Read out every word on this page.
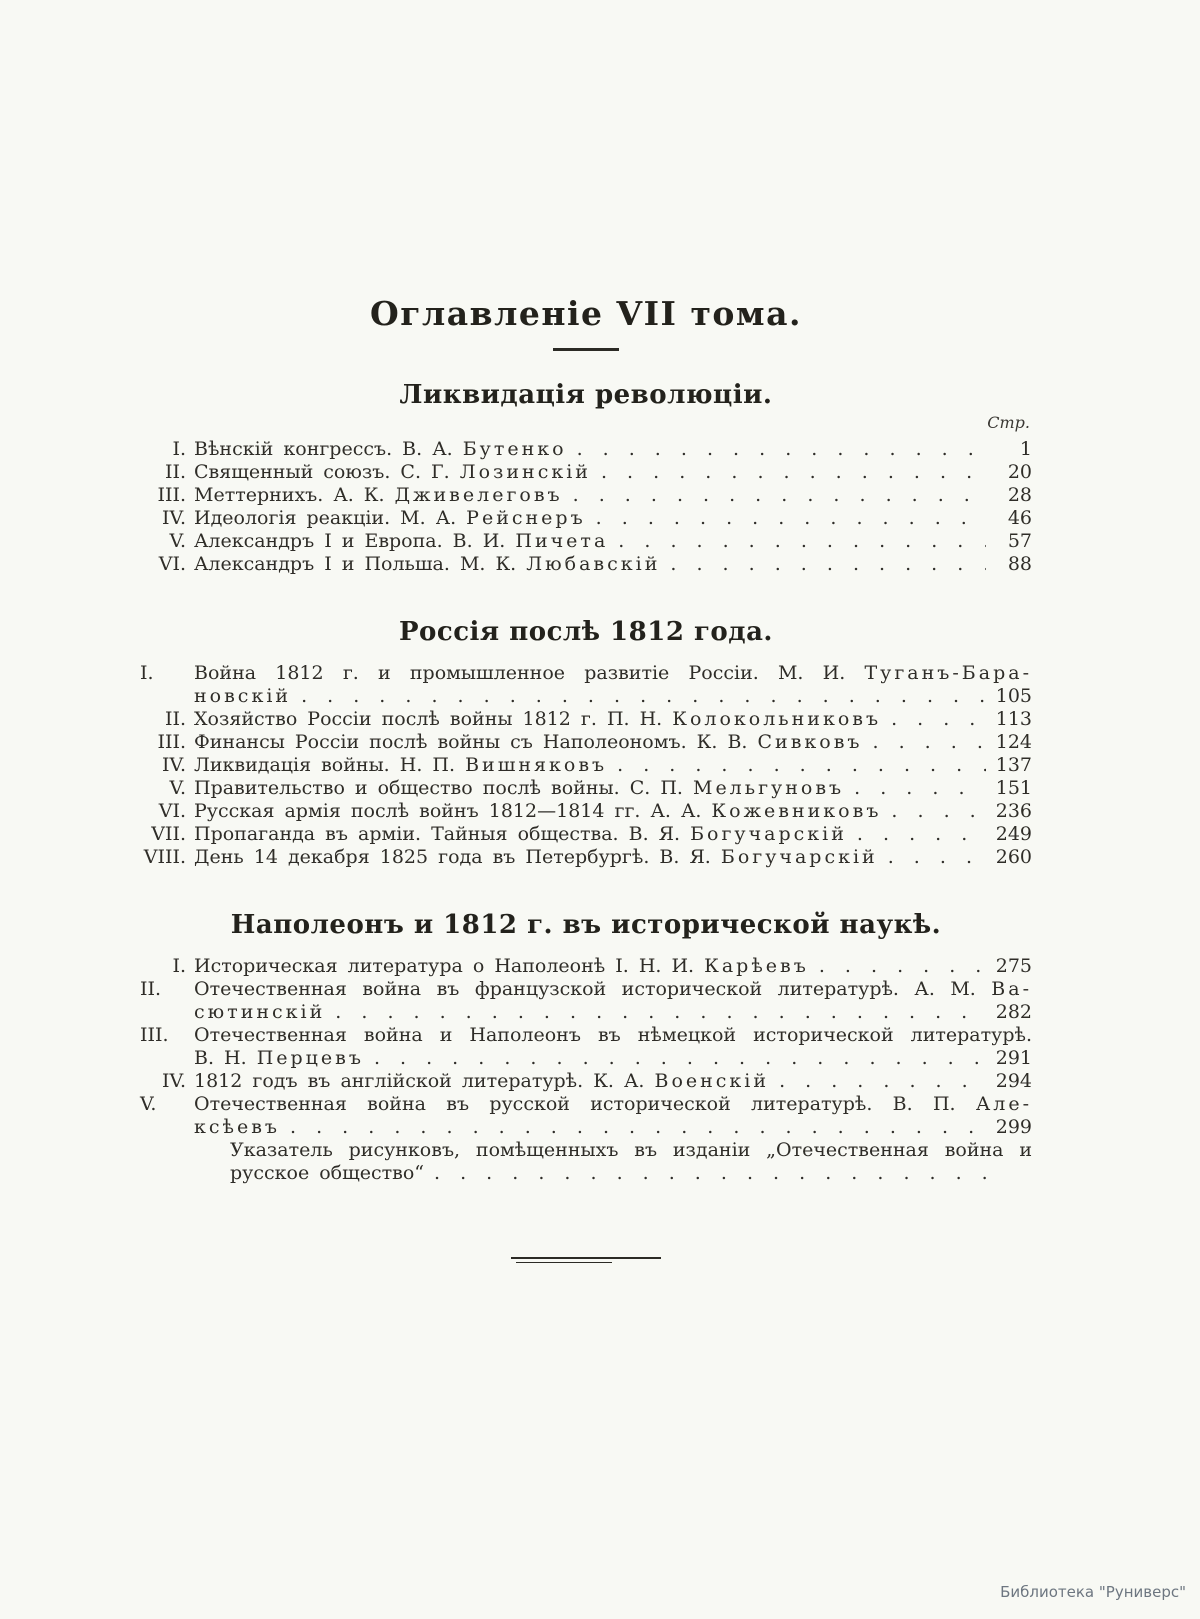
Оглавленіе VII тома.
Ликвидація революціи.
Стр.
I. Вѣнскій конгрессъ. В. А. Бутенко . . .	1
II. Священный союзъ. С. Г. Лозинскій . . .	20
III. Меттернихъ. А. К. Дживелеговъ . . .	28
IV. Идеологія реакціи. М. А. Рейснеръ . . .	46
V. Александръ I и Европа. В. И. Пичета . . .	57
VI. Александръ I и Польша. М. К. Любавскій . . .	88
Россія послѣ 1812 года.
I. Война 1812 г. и промышленное развитіе Россіи. М. И. Туганъ-Бара-
новскій . . .	105
II. Хозяйство Россіи послѣ войны 1812 г. П. Н. Колокольниковъ . . .	113
III. Финансы Россіи послѣ войны съ Наполеономъ. К. В. Сивковъ . . .	124
IV. Ликвидація войны. Н. П. Вишняковъ . . .	137
V. Правительство и общество послѣ войны. С. П. Мельгуновъ . . .	151
VI. Русская армія послѣ войнъ 1812—1814 гг. А. А. Кожевниковъ . . .	236
VII. Пропаганда въ арміи. Тайныя общества. В. Я. Богучарскій . . .	249
VIII. День 14 декабря 1825 года въ Петербургѣ. В. Я. Богучарскій . . .	260
Наполеонъ и 1812 г. въ исторической наукѣ.
I. Историческая литература о Наполеонѣ I. Н. И. Карѣевъ . . .	275
II. Отечественная война въ французской исторической литературѣ. А. М. Ва-
сютинскій . . .	282
III. Отечественная война и Наполеонъ въ нѣмецкой исторической литературѣ.
В. Н. Перцевъ . . .	291
IV. 1812 годъ въ англійской литературѣ. К. А. Военскій . . .	294
V. Отечественная война въ русской исторической литературѣ. В. П. Але-
ксѣевъ . . .	299
Указатель рисунковъ, помѣщенныхъ въ изданіи „Отечественная война и
русское общество“
. . .
Библиотека "Руниверс"
